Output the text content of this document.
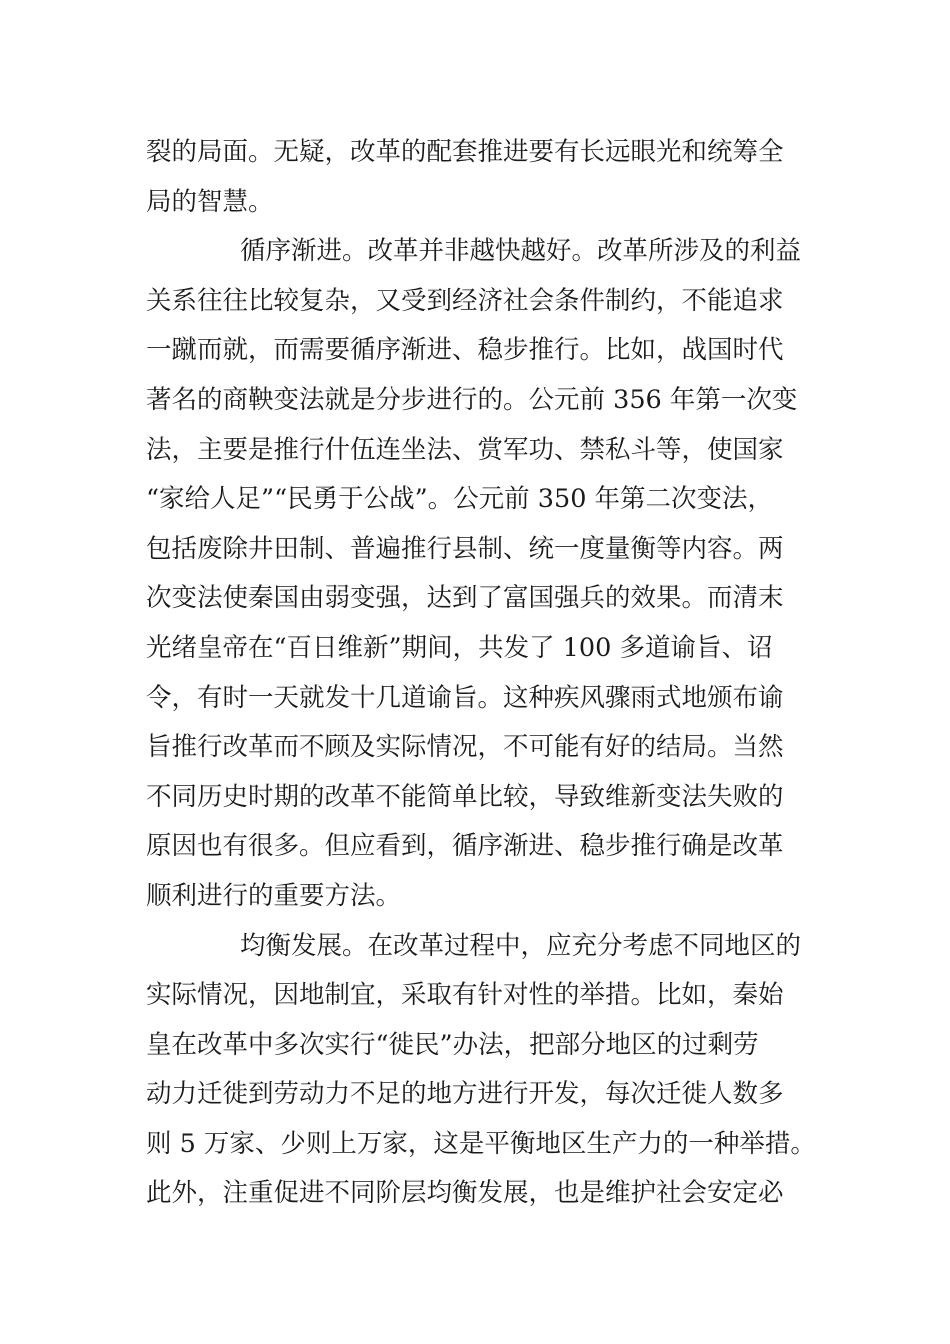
裂的局面。无疑，改革的配套推进要有长远眼光和统筹全
局的智慧。
循序渐进。改革并非越快越好。改革所涉及的利益
关系往往比较复杂，又受到经济社会条件制约，不能追求
一蹴而就，而需要循序渐进、稳步推行。比如，战国时代
著名的商鞅变法就是分步进行的。公元前 356 年第一次变
法，主要是推行什伍连坐法、赏军功、禁私斗等，使国家
“家给人足”“民勇于公战”。公元前 350 年第二次变法，
包括废除井田制、普遍推行县制、统一度量衡等内容。两
次变法使秦国由弱变强，达到了富国强兵的效果。而清末
光绪皇帝在“百日维新”期间，共发了 100 多道谕旨、诏
令，有时一天就发十几道谕旨。这种疾风骤雨式地颁布谕
旨推行改革而不顾及实际情况，不可能有好的结局。当然
不同历史时期的改革不能简单比较，导致维新变法失败的
原因也有很多。但应看到，循序渐进、稳步推行确是改革
顺利进行的重要方法。
均衡发展。在改革过程中，应充分考虑不同地区的
实际情况，因地制宜，采取有针对性的举措。比如，秦始
皇在改革中多次实行“徙民”办法，把部分地区的过剩劳
动力迁徙到劳动力不足的地方进行开发，每次迁徙人数多
则 5 万家、少则上万家，这是平衡地区生产力的一种举措。
此外，注重促进不同阶层均衡发展，也是维护社会安定必
